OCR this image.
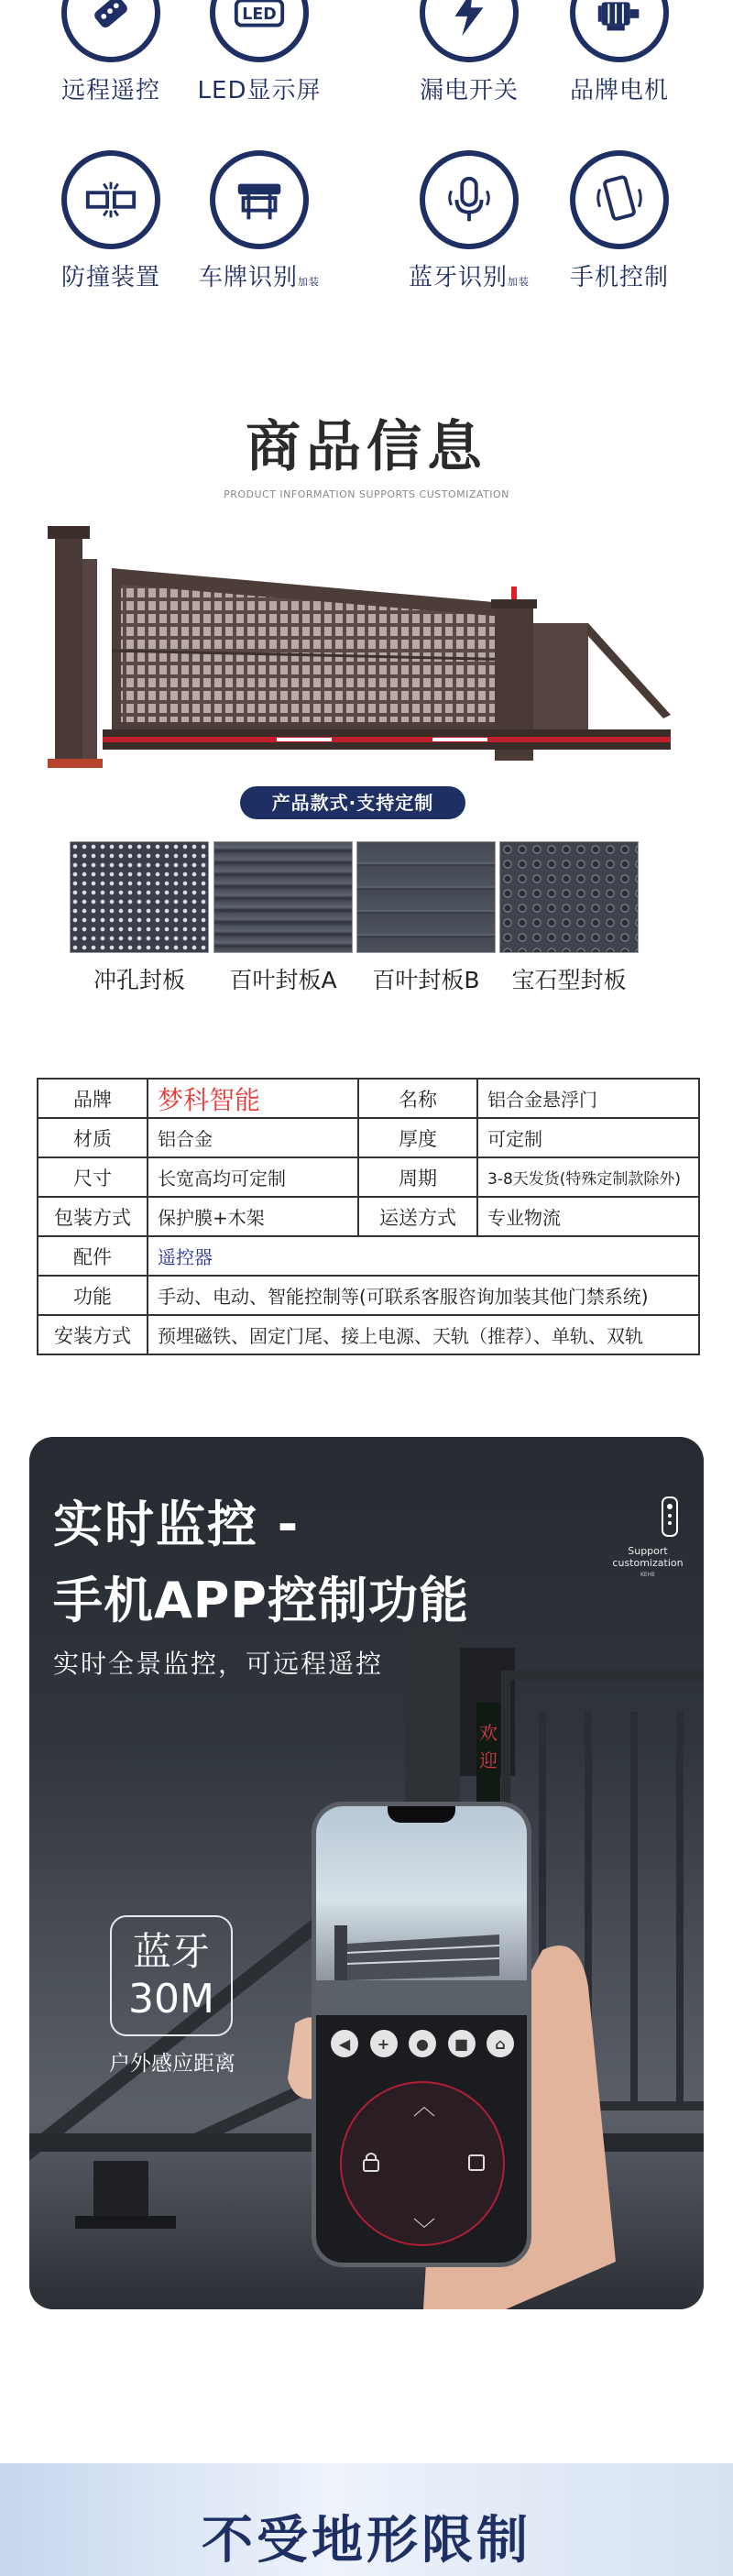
远程遥控
LED
LED显示屏	漏电开关	品牌电机
防撞装置	车牌识别加装	蓝牙识别加装	手机控制
商品信息
PRODUCT INFORMATION SUPPORTS CUSTOMIZATION
产品款式·支持定制
冲孔封板	百叶封板A	百叶封板B	宝石型封板
品牌	梦科智能	名称	铝合金悬浮门
材质	铝合金	厚度	可定制
尺寸	长宽高均可定制	周期	3-8天发货(特殊定制款除外)
包装方式	保护膜+木架	运送方式	专业物流
配件	遥控器		
功能	手动、电动、智能控制等(可联系客服咨询加装其他门禁系统)		
安装方式	预埋磁铁、固定门尾、接上电源、天轨（推荐）、单轨、双轨		
欢
迎
实时监控 -
手机APP控制功能
实时全景监控，可远程遥控
Support
customization
KEHE
蓝牙
30M
户外感应距离
◀	+	●	■	⌂
︿
﹀
不受地形限制
